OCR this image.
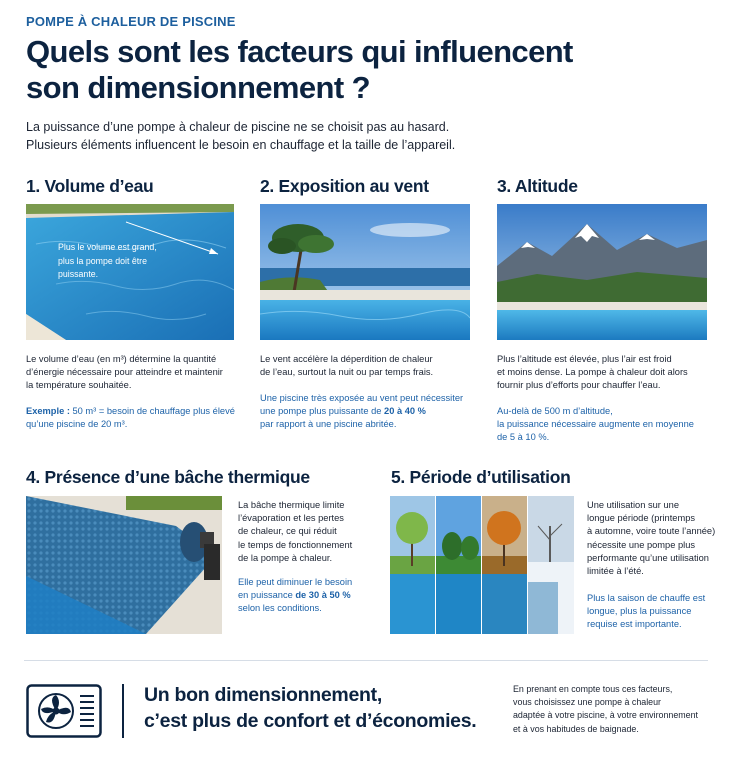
POMPE À CHALEUR DE PISCINE
Quels sont les facteurs qui influencent
son dimensionnement ?
La puissance d’une pompe à chaleur de piscine ne se choisit pas au hasard.
Plusieurs éléments influencent le besoin en chauffage et la taille de l’appareil.
1. Volume d’eau
Plus le volume est grand,
plus la pompe doit être
puissante.
Le volume d’eau (en m³) détermine la quantité
d’énergie nécessaire pour atteindre et maintenir
la température souhaitée.
Exemple : 50 m³ = besoin de chauffage plus élevé
qu’une piscine de 20 m³.
2. Exposition au vent
Le vent accélère la déperdition de chaleur
de l’eau, surtout la nuit ou par temps frais.
Une piscine très exposée au vent peut nécessiter
une pompe plus puissante de 20 à 40 %
par rapport à une piscine abritée.
3. Altitude
Plus l’altitude est élevée, plus l’air est froid
et moins dense. La pompe à chaleur doit alors
fournir plus d’efforts pour chauffer l’eau.
Au-delà de 500 m d’altitude,
la puissance nécessaire augmente en moyenne
de 5 à 10 %.
4. Présence d’une bâche thermique
La bâche thermique limite
l’évaporation et les pertes
de chaleur, ce qui réduit
le temps de fonctionnement
de la pompe à chaleur.
Elle peut diminuer le besoin
en puissance de 30 à 50 %
selon les conditions.
5. Période d’utilisation
Une utilisation sur une
longue période (printemps
à automne, voire toute l’année)
nécessite une pompe plus
performante qu’une utilisation
limitée à l’été.
Plus la saison de chauffe est
longue, plus la puissance
requise est importante.
Un bon dimensionnement,
c’est plus de confort et d’économies.
En prenant en compte tous ces facteurs,
vous choisissez une pompe à chaleur
adaptée à votre piscine, à votre environnement
et à vos habitudes de baignade.
